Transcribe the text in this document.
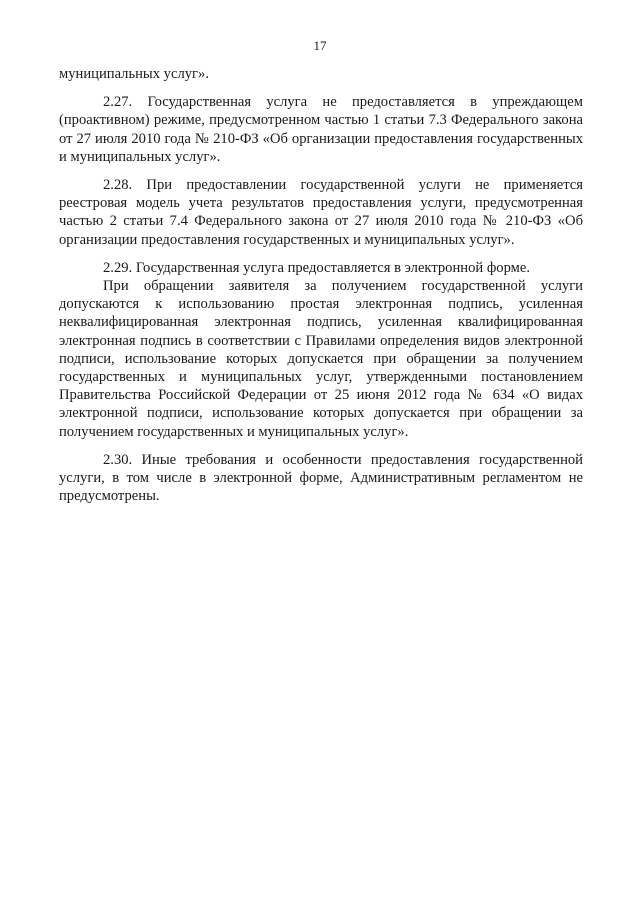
17

муниципальных услуг».

2.27. Государственная услуга не предоставляется в упреждающем (проактивном) режиме, предусмотренном частью 1 статьи 7.3 Федерального закона от 27 июля 2010 года № 210-ФЗ «Об организации предоставления государственных и муниципальных услуг».

2.28. При предоставлении государственной услуги не применяется реестровая модель учета результатов предоставления услуги, предусмотренная частью 2 статьи 7.4 Федерального закона от 27 июля 2010 года № 210-ФЗ «Об организации предоставления государственных и муниципальных услуг».

2.29. Государственная услуга предоставляется в электронной форме.

При обращении заявителя за получением государственной услуги допускаются к использованию простая электронная подпись, усиленная неквалифицированная электронная подпись, усиленная квалифицированная электронная подпись в соответствии с Правилами определения видов электронной подписи, использование которых допускается при обращении за получением государственных и муниципальных услуг, утвержденными постановлением Правительства Российской Федерации от 25 июня 2012 года № 634 «О видах электронной подписи, использование которых допускается при обращении за получением государственных и муниципальных услуг».

2.30. Иные требования и особенности предоставления государственной услуги, в том числе в электронной форме, Административным регламентом не предусмотрены.
